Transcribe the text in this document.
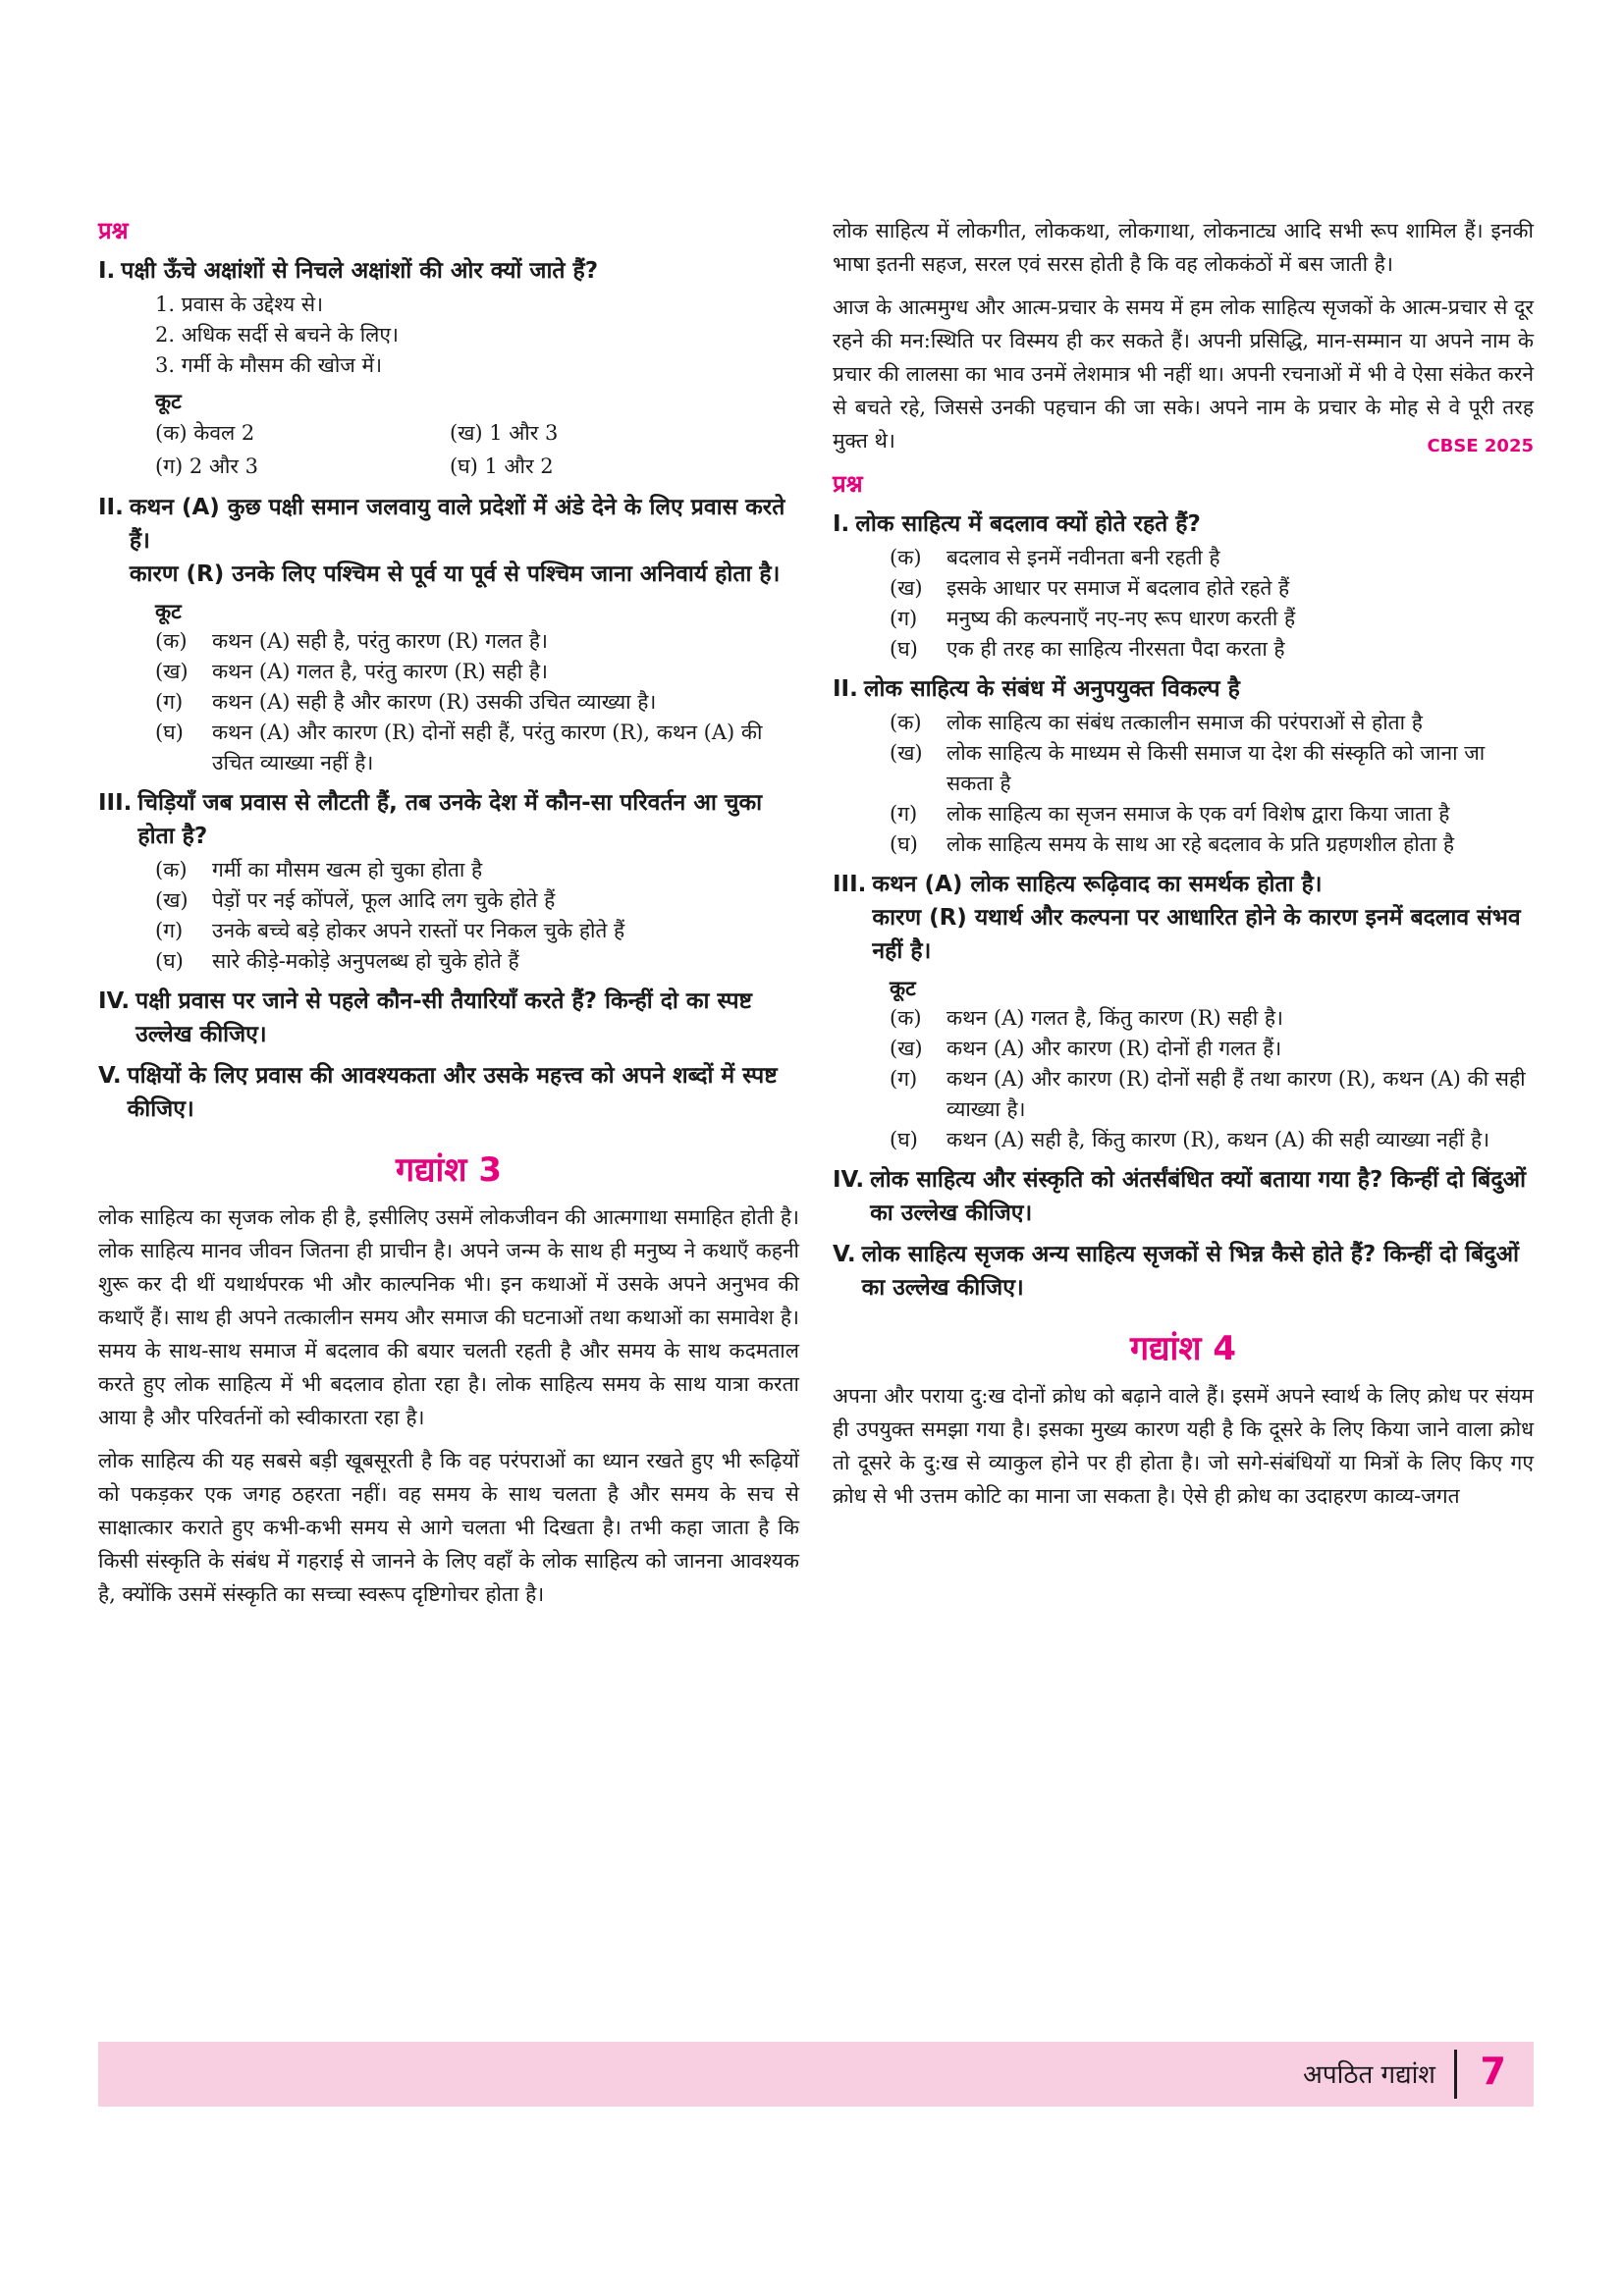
प्रश्न
I. पक्षी ऊँचे अक्षांशों से निचले अक्षांशों की ओर क्यों जाते हैं?
1. प्रवास के उद्देश्य से।
2. अधिक सर्दी से बचने के लिए।
3. गर्मी के मौसम की खोज में।
कूट
(क) केवल 2	(ख) 1 और 3
(ग) 2 और 3	(घ) 1 और 2
II. कथन (A) कुछ पक्षी समान जलवायु वाले प्रदेशों में अंडे देने के लिए प्रवास करते हैं।
कारण (R) उनके लिए पश्चिम से पूर्व या पूर्व से पश्चिम जाना अनिवार्य होता है।
कूट
(क)	कथन (A) सही है, परंतु कारण (R) गलत है।
(ख)	कथन (A) गलत है, परंतु कारण (R) सही है।
(ग)	कथन (A) सही है और कारण (R) उसकी उचित व्याख्या है।
(घ)	कथन (A) और कारण (R) दोनों सही हैं, परंतु कारण (R), कथन (A) की उचित व्याख्या नहीं है।
III. चिड़ियाँ जब प्रवास से लौटती हैं, तब उनके देश में कौन-सा परिवर्तन आ चुका होता है?
(क)	गर्मी का मौसम खत्म हो चुका होता है
(ख)	पेड़ों पर नई कोंपलें, फूल आदि लग चुके होते हैं
(ग)	उनके बच्चे बड़े होकर अपने रास्तों पर निकल चुके होते हैं
(घ)	सारे कीड़े-मकोड़े अनुपलब्ध हो चुके होते हैं
IV. पक्षी प्रवास पर जाने से पहले कौन-सी तैयारियाँ करते हैं? किन्हीं दो का स्पष्ट उल्लेख कीजिए।
V. पक्षियों के लिए प्रवास की आवश्यकता और उसके महत्त्व को अपने शब्दों में स्पष्ट कीजिए।
गद्यांश 3

लोक साहित्य का सृजक लोक ही है, इसीलिए उसमें लोकजीवन की आत्मगाथा समाहित होती है। लोक साहित्य मानव जीवन जितना ही प्राचीन है। अपने जन्म के साथ ही मनुष्य ने कथाएँ कहनी शुरू कर दी थीं यथार्थपरक भी और काल्पनिक भी। इन कथाओं में उसके अपने अनुभव की कथाएँ हैं। साथ ही अपने तत्कालीन समय और समाज की घटनाओं तथा कथाओं का समावेश है। समय के साथ-साथ समाज में बदलाव की बयार चलती रहती है और समय के साथ कदमताल करते हुए लोक साहित्य में भी बदलाव होता रहा है। लोक साहित्य समय के साथ यात्रा करता आया है और परिवर्तनों को स्वीकारता रहा है।

लोक साहित्य की यह सबसे बड़ी खूबसूरती है कि वह परंपराओं का ध्यान रखते हुए भी रूढ़ियों को पकड़कर एक जगह ठहरता नहीं। वह समय के साथ चलता है और समय के सच से साक्षात्कार कराते हुए कभी-कभी समय से आगे चलता भी दिखता है। तभी कहा जाता है कि किसी संस्कृति के संबंध में गहराई से जानने के लिए वहाँ के लोक साहित्य को जानना आवश्यक है, क्योंकि उसमें संस्कृति का सच्चा स्वरूप दृष्टिगोचर होता है।

लोक साहित्य में लोकगीत, लोककथा, लोकगाथा, लोकनाट्य आदि सभी रूप शामिल हैं। इनकी भाषा इतनी सहज, सरल एवं सरस होती है कि वह लोककंठों में बस जाती है।

आज के आत्ममुग्ध और आत्म-प्रचार के समय में हम लोक साहित्य सृजकों के आत्म-प्रचार से दूर रहने की मन:स्थिति पर विस्मय ही कर सकते हैं। अपनी प्रसिद्धि, मान-सम्मान या अपने नाम के प्रचार की लालसा का भाव उनमें लेशमात्र भी नहीं था। अपनी रचनाओं में भी वे ऐसा संकेत करने से बचते रहे, जिससे उनकी पहचान की जा सके। अपने नाम के प्रचार के मोह से वे पूरी तरह मुक्त थे।	CBSE 2025

प्रश्न
I. लोक साहित्य में बदलाव क्यों होते रहते हैं?
(क)	बदलाव से इनमें नवीनता बनी रहती है
(ख)	इसके आधार पर समाज में बदलाव होते रहते हैं
(ग)	मनुष्य की कल्पनाएँ नए-नए रूप धारण करती हैं
(घ)	एक ही तरह का साहित्य नीरसता पैदा करता है
II. लोक साहित्य के संबंध में अनुपयुक्त विकल्प है
(क)	लोक साहित्य का संबंध तत्कालीन समाज की परंपराओं से होता है
(ख)	लोक साहित्य के माध्यम से किसी समाज या देश की संस्कृति को जाना जा सकता है
(ग)	लोक साहित्य का सृजन समाज के एक वर्ग विशेष द्वारा किया जाता है
(घ)	लोक साहित्य समय के साथ आ रहे बदलाव के प्रति ग्रहणशील होता है
III. कथन (A) लोक साहित्य रूढ़िवाद का समर्थक होता है।
कारण (R) यथार्थ और कल्पना पर आधारित होने के कारण इनमें बदलाव संभव नहीं है।
कूट
(क)	कथन (A) गलत है, किंतु कारण (R) सही है।
(ख)	कथन (A) और कारण (R) दोनों ही गलत हैं।
(ग)	कथन (A) और कारण (R) दोनों सही हैं तथा कारण (R), कथन (A) की सही व्याख्या है।
(घ)	कथन (A) सही है, किंतु कारण (R), कथन (A) की सही व्याख्या नहीं है।
IV. लोक साहित्य और संस्कृति को अंतर्संबंधित क्यों बताया गया है? किन्हीं दो बिंदुओं का उल्लेख कीजिए।
V. लोक साहित्य सृजक अन्य साहित्य सृजकों से भिन्न कैसे होते हैं? किन्हीं दो बिंदुओं का उल्लेख कीजिए।
गद्यांश 4

अपना और पराया दु:ख दोनों क्रोध को बढ़ाने वाले हैं। इसमें अपने स्वार्थ के लिए क्रोध पर संयम ही उपयुक्त समझा गया है। इसका मुख्य कारण यही है कि दूसरे के लिए किया जाने वाला क्रोध तो दूसरे के दु:ख से व्याकुल होने पर ही होता है। जो सगे-संबंधियों या मित्रों के लिए किए गए क्रोध से भी उत्तम कोटि का माना जा सकता है। ऐसे ही क्रोध का उदाहरण काव्य-जगत

अपठित गद्यांश 7
